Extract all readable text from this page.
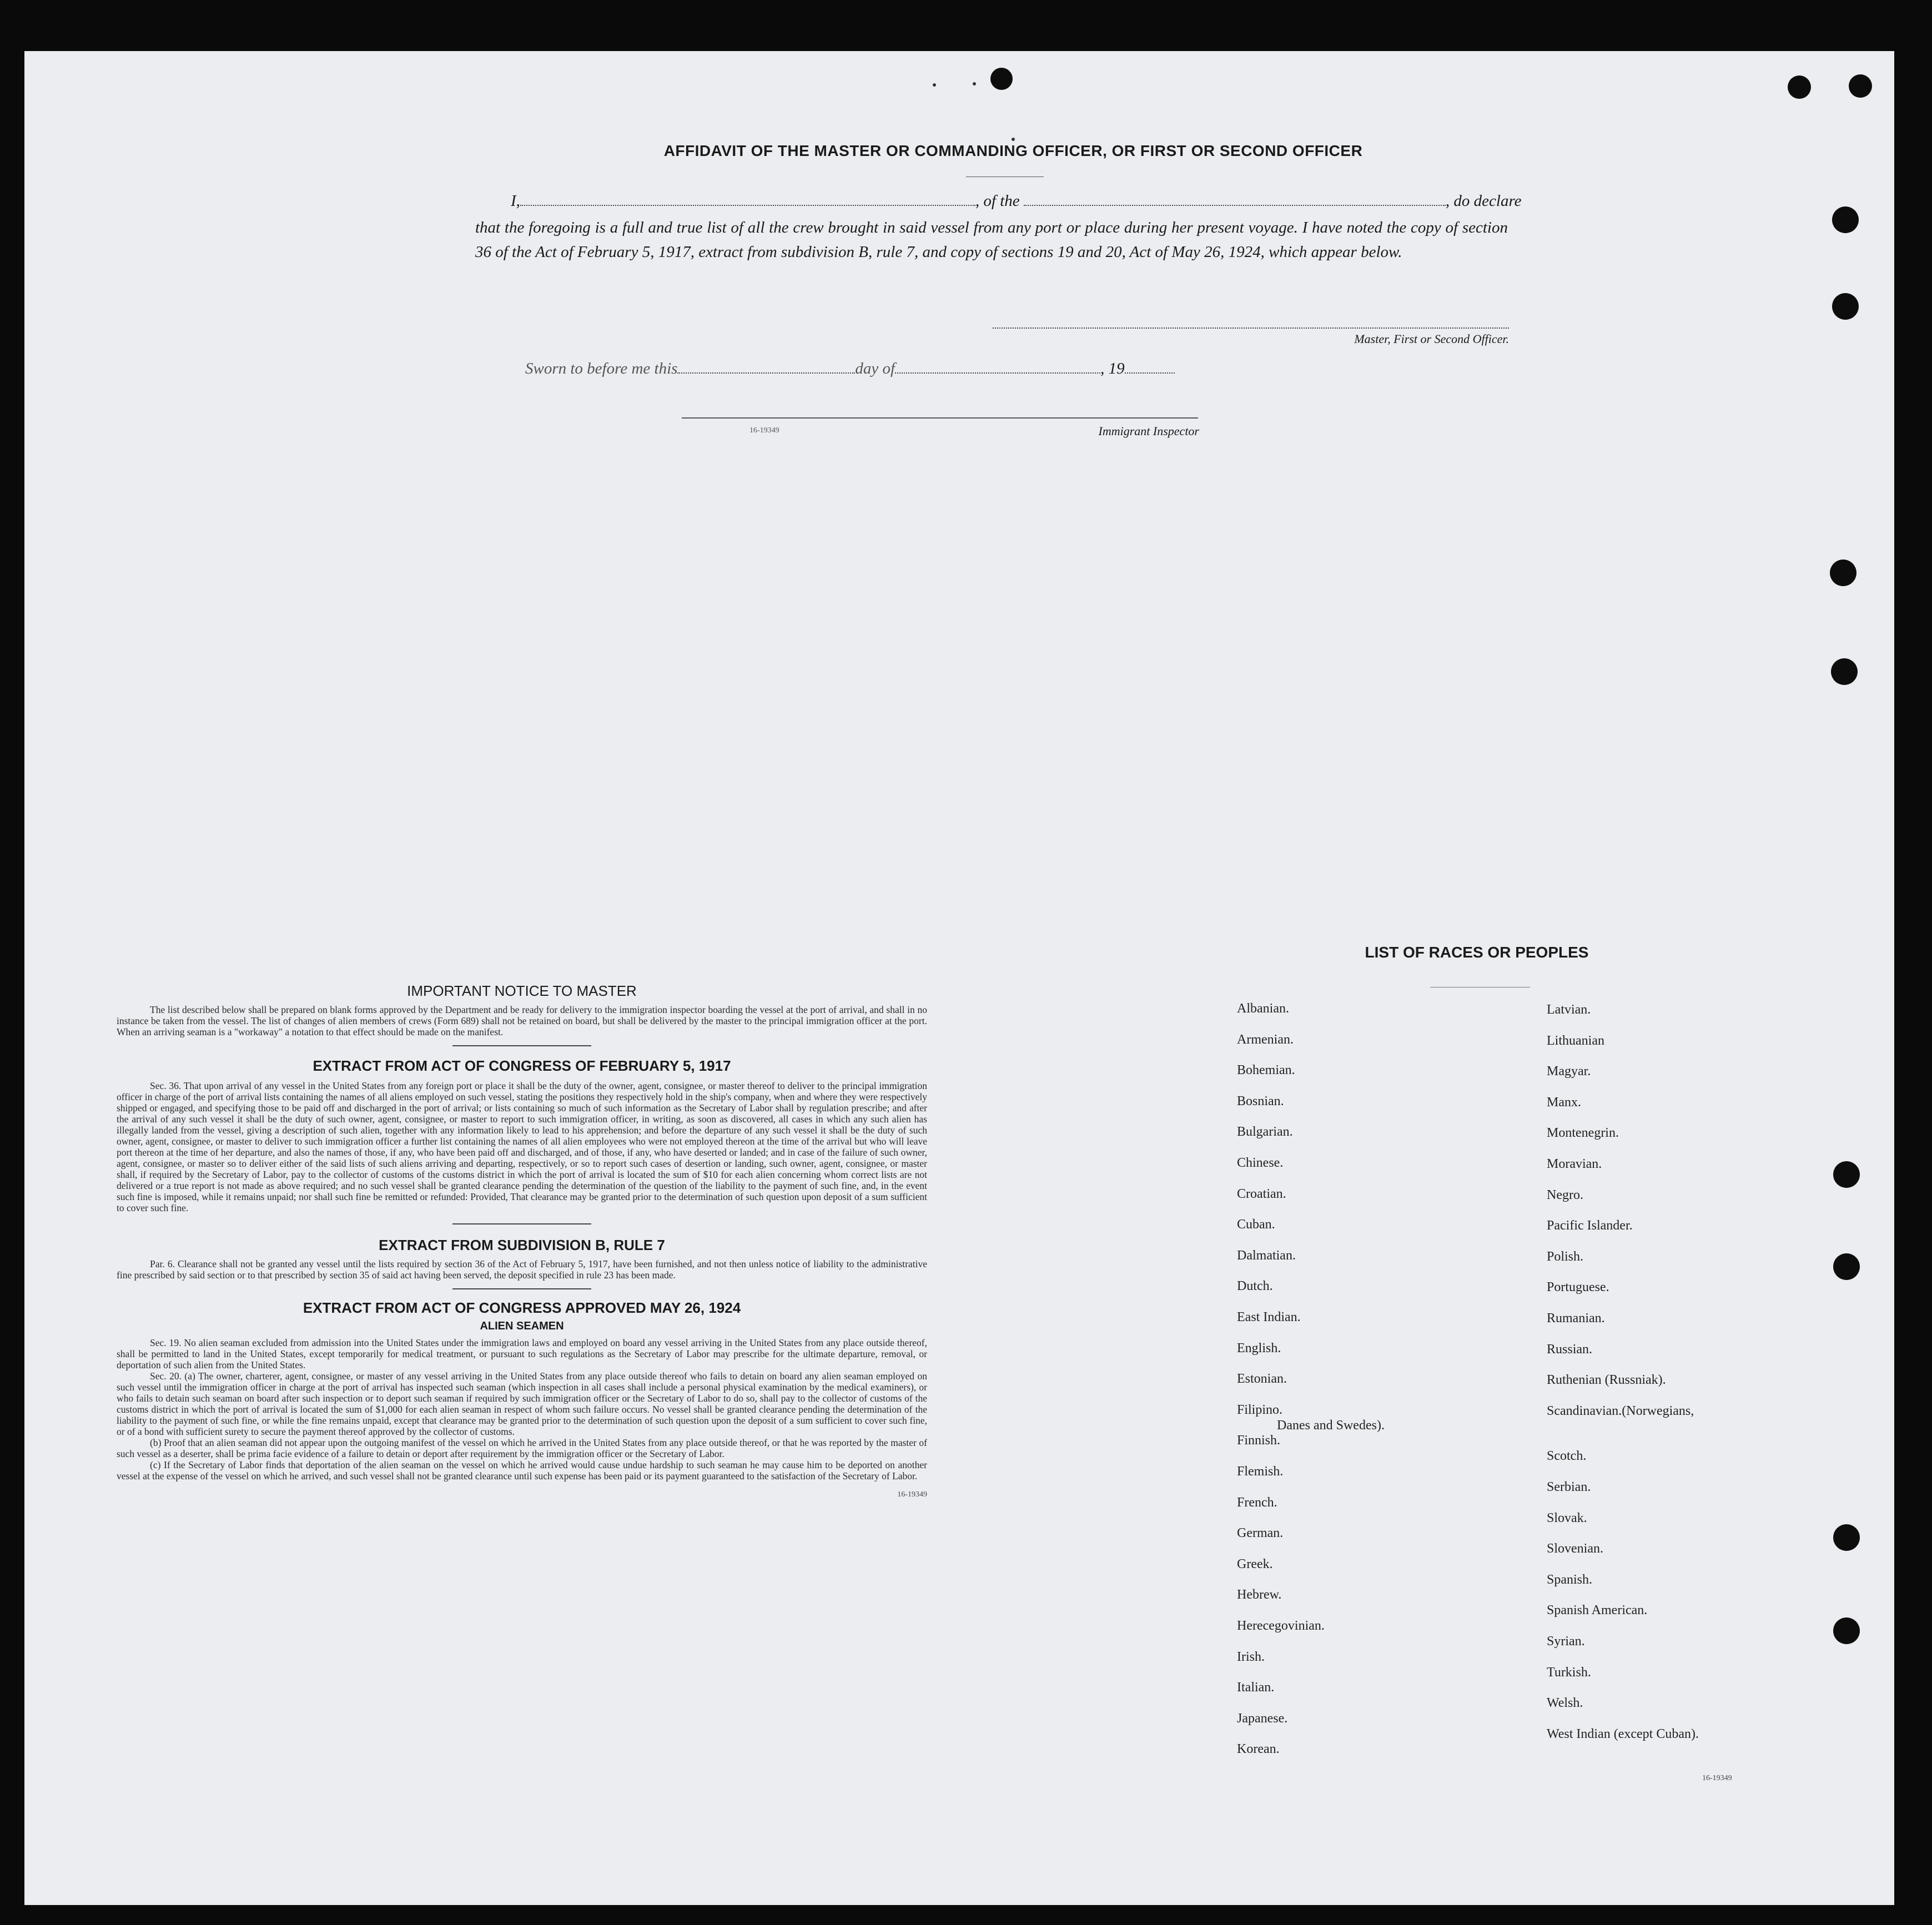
AFFIDAVIT OF THE MASTER OR COMMANDING OFFICER, OR FIRST OR SECOND OFFICER
I,	, of the	, do declare
that the foregoing is a full and true list of all the crew brought in said vessel from any port or place during her present voyage. I have noted the copy of section 36 of the Act of February 5, 1917, extract from subdivision B, rule 7, and copy of sections 19 and 20, Act of May 26, 1924, which appear below.
Master, First or Second Officer.
Sworn to before me this	day of	, 19
16-19349	Immigrant Inspector
IMPORTANT NOTICE TO MASTER
The list described below shall be prepared on blank forms approved by the Department and be ready for delivery to the immigration inspector boarding the vessel at the port of arrival, and shall in no instance be taken from the vessel. The list of changes of alien members of crews (Form 689) shall not be retained on board, but shall be delivered by the master to the principal immigration officer at the port. When an arriving seaman is a "workaway" a notation to that effect should be made on the manifest.
EXTRACT FROM ACT OF CONGRESS OF FEBRUARY 5, 1917
Sec. 36. That upon arrival of any vessel in the United States from any foreign port or place it shall be the duty of the owner, agent, consignee, or master thereof to deliver to the principal immigration officer in charge of the port of arrival lists containing the names of all aliens employed on such vessel, stating the positions they respectively hold in the ship's company, when and where they were respectively shipped or engaged, and specifying those to be paid off and discharged in the port of arrival; or lists containing so much of such information as the Secretary of Labor shall by regulation prescribe; and after the arrival of any such vessel it shall be the duty of such owner, agent, consignee, or master to report to such immigration officer, in writing, as soon as discovered, all cases in which any such alien has illegally landed from the vessel, giving a description of such alien, together with any information likely to lead to his apprehension; and before the departure of any such vessel it shall be the duty of such owner, agent, consignee, or master to deliver to such immigration officer a further list containing the names of all alien employees who were not employed thereon at the time of the arrival but who will leave port thereon at the time of her departure, and also the names of those, if any, who have been paid off and discharged, and of those, if any, who have deserted or landed; and in case of the failure of such owner, agent, consignee, or master so to deliver either of the said lists of such aliens arriving and departing, respectively, or so to report such cases of desertion or landing, such owner, agent, consignee, or master shall, if required by the Secretary of Labor, pay to the collector of customs of the customs district in which the port of arrival is located the sum of $10 for each alien concerning whom correct lists are not delivered or a true report is not made as above required; and no such vessel shall be granted clearance pending the determination of the question of the liability to the payment of such fine, and, in the event such fine is imposed, while it remains unpaid; nor shall such fine be remitted or refunded: Provided, That clearance may be granted prior to the determination of such question upon deposit of a sum sufficient to cover such fine.
EXTRACT FROM SUBDIVISION B, RULE 7
Par. 6. Clearance shall not be granted any vessel until the lists required by section 36 of the Act of February 5, 1917, have been furnished, and not then unless notice of liability to the administrative fine prescribed by said section or to that prescribed by section 35 of said act having been served, the deposit specified in rule 23 has been made.
EXTRACT FROM ACT OF CONGRESS APPROVED MAY 26, 1924
ALIEN SEAMEN
Sec. 19. No alien seaman excluded from admission into the United States under the immigration laws and employed on board any vessel arriving in the United States from any place outside thereof, shall be permitted to land in the United States, except temporarily for medical treatment, or pursuant to such regulations as the Secretary of Labor may prescribe for the ultimate departure, removal, or deportation of such alien from the United States.
Sec. 20. (a) The owner, charterer, agent, consignee, or master of any vessel arriving in the United States from any place outside thereof who fails to detain on board any alien seaman employed on such vessel until the immigration officer in charge at the port of arrival has inspected such seaman (which inspection in all cases shall include a personal physical examination by the medical examiners), or who fails to detain such seaman on board after such inspection or to deport such seaman if required by such immigration officer or the Secretary of Labor to do so, shall pay to the collector of customs of the customs district in which the port of arrival is located the sum of $1,000 for each alien seaman in respect of whom such failure occurs. No vessel shall be granted clearance pending the determination of the liability to the payment of such fine, or while the fine remains unpaid, except that clearance may be granted prior to the determination of such question upon the deposit of a sum sufficient to cover such fine, or of a bond with sufficient surety to secure the payment thereof approved by the collector of customs.
(b) Proof that an alien seaman did not appear upon the outgoing manifest of the vessel on which he arrived in the United States from any place outside thereof, or that he was reported by the master of such vessel as a deserter, shall be prima facie evidence of a failure to detain or deport after requirement by the immigration officer or the Secretary of Labor.
(c) If the Secretary of Labor finds that deportation of the alien seaman on the vessel on which he arrived would cause undue hardship to such seaman he may cause him to be deported on another vessel at the expense of the vessel on which he arrived, and such vessel shall not be granted clearance until such expense has been paid or its payment guaranteed to the satisfaction of the Secretary of Labor.
16-19349
LIST OF RACES OR PEOPLES
Albanian.
Armenian.
Bohemian.
Bosnian.
Bulgarian.
Chinese.
Croatian.
Cuban.
Dalmatian.
Dutch.
East Indian.
English.
Estonian.
Filipino.
Finnish.
Flemish.
French.
German.
Greek.
Hebrew.
Herecegovinian.
Irish.
Italian.
Japanese.
Korean.
Latvian.
Lithuanian
Magyar.
Manx.
Montenegrin.
Moravian.
Negro.
Pacific Islander.
Polish.
Portuguese.
Rumanian.
Russian.
Ruthenian (Russniak).
Scandinavian.(Norwegians,
Danes and Swedes).
Scotch.
Serbian.
Slovak.
Slovenian.
Spanish.
Spanish American.
Syrian.
Turkish.
Welsh.
West Indian (except Cuban).
16-19349
